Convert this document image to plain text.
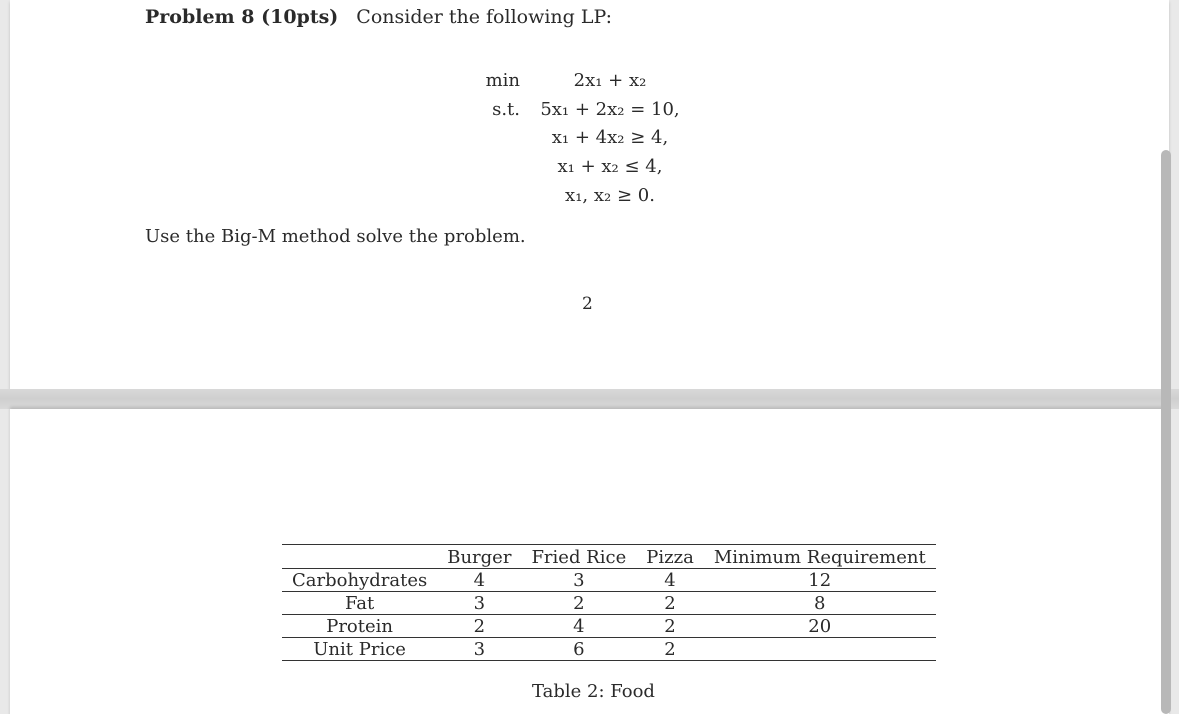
Problem 8 (10pts) Consider the following LP:
min	2x₁ + x₂
s.t.	5x₁ + 2x₂ = 10,
x₁ + 4x₂ ≥ 4,
x₁ + x₂ ≤ 4,
x₁, x₂ ≥ 0.
Use the Big-M method solve the problem.
2
	Burger	Fried Rice	Pizza	Minimum Requirement
Carbohydrates	4	3	4	12
Fat	3	2	2	8
Protein	2	4	2	20
Unit Price	3	6	2	
Table 2: Food
